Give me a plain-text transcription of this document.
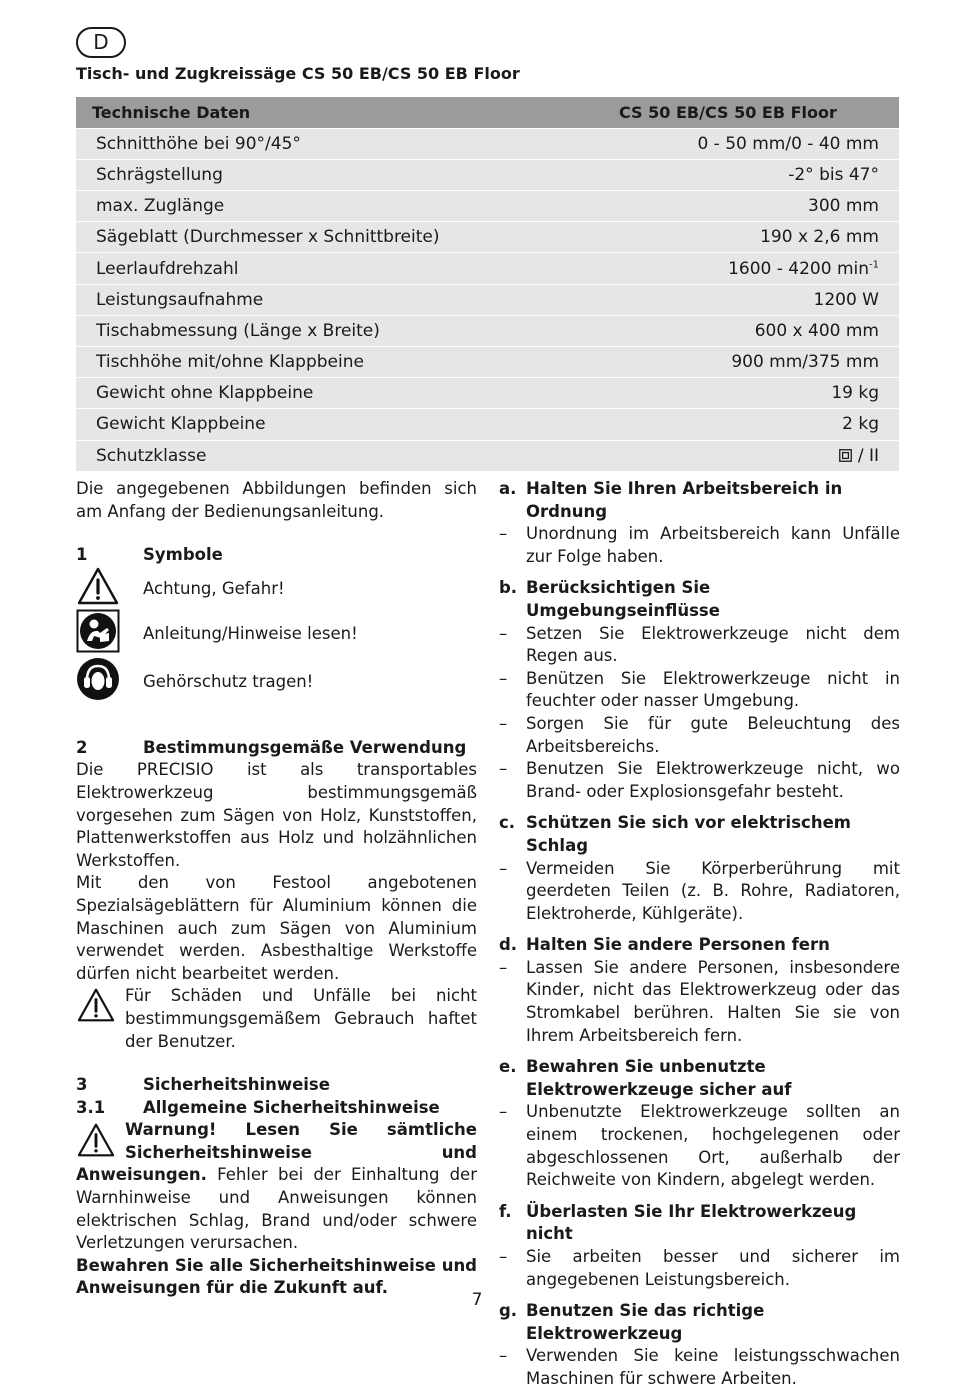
D
Tisch- und Zugkreissäge CS 50 EB/CS 50 EB Floor
Technische Daten	CS 50 EB/CS 50 EB Floor
Schnitthöhe bei 90°/45°	0 - 50 mm/0 - 40 mm
Schrägstellung	-2° bis 47°
max. Zuglänge	300 mm
Sägeblatt (Durchmesser x Schnittbreite)	190 x 2,6 mm
Leerlaufdrehzahl	1600 - 4200 $\min^{-1}$
Leistungsaufnahme	1200 W
Tischabmessung (Länge x Breite)	600 x 400 mm
Tischhöhe mit/ohne Klappbeine	900 mm/375 mm
Gewicht ohne Klappbeine	19 kg
Gewicht Klappbeine	2 kg
Schutzklasse	/ II

Die angegebenen Abbildungen befinden sich am Anfang der Bedienungsanleitung.

1	Symbole
Achtung, Gefahr!
Anleitung/Hinweise lesen!
Gehörschutz tragen!
2	Bestimmungsgemäße Verwendung

Die PRECISIO ist als transportables Elektrowerkzeug bestimmungsgemäß vorgesehen zum Sägen von Holz, Kunststoffen, Plattenwerkstoffen aus Holz und holzähnlichen Werkstoffen.

Mit den von Festool angebotenen Spezialsägeblättern für Aluminium können die Maschinen auch zum Sägen von Aluminium verwendet werden. Asbesthaltige Werkstoffe dürfen nicht bearbeitet werden.

Für Schäden und Unfälle bei nicht bestimmungsgemäßem Gebrauch haftet der Benutzer.

3	Sicherheitshinweise
3.1	Allgemeine Sicherheitshinweise

Warnung! Lesen Sie sämtliche Sicherheitshinweise und Anweisungen. Fehler bei der Einhaltung der Warnhinweise und Anweisungen können elektrischen Schlag, Brand und/oder schwere Verletzungen verursachen.

Bewahren Sie alle Sicherheitshinweise und Anweisungen für die Zukunft auf.

a. Halten Sie Ihren Arbeitsbereich in Ordnung
–	Unordnung im Arbeitsbereich kann Unfälle zur Folge haben.
b. Berücksichtigen Sie Umgebungseinflüsse
–	Setzen Sie Elektrowerkzeuge nicht dem Regen aus.
–	Benützen Sie Elektrowerkzeuge nicht in feuchter oder nasser Umgebung.
–	Sorgen Sie für gute Beleuchtung des Arbeitsbereichs.
–	Benutzen Sie Elektrowerkzeuge nicht, wo Brand- oder Explosionsgefahr besteht.
c. Schützen Sie sich vor elektrischem Schlag
–	Vermeiden Sie Körperberührung mit geerdeten Teilen (z. B. Rohre, Radiatoren, Elektroherde, Kühlgeräte).
d. Halten Sie andere Personen fern
–	Lassen Sie andere Personen, insbesondere Kinder, nicht das Elektrowerkzeug oder das Stromkabel berühren. Halten Sie sie von Ihrem Arbeitsbereich fern.
e. Bewahren Sie unbenutzte Elektrowerkzeuge sicher auf
–	Unbenutzte Elektrowerkzeuge sollten an einem trockenen, hochgelegenen oder abgeschlossenen Ort, außerhalb der Reichweite von Kindern, abgelegt werden.
f. Überlasten Sie Ihr Elektrowerkzeug nicht
–	Sie arbeiten besser und sicherer im angegebenen Leistungsbereich.
g. Benutzen Sie das richtige Elektrowerkzeug
–	Verwenden Sie keine leistungsschwachen Maschinen für schwere Arbeiten.
7
